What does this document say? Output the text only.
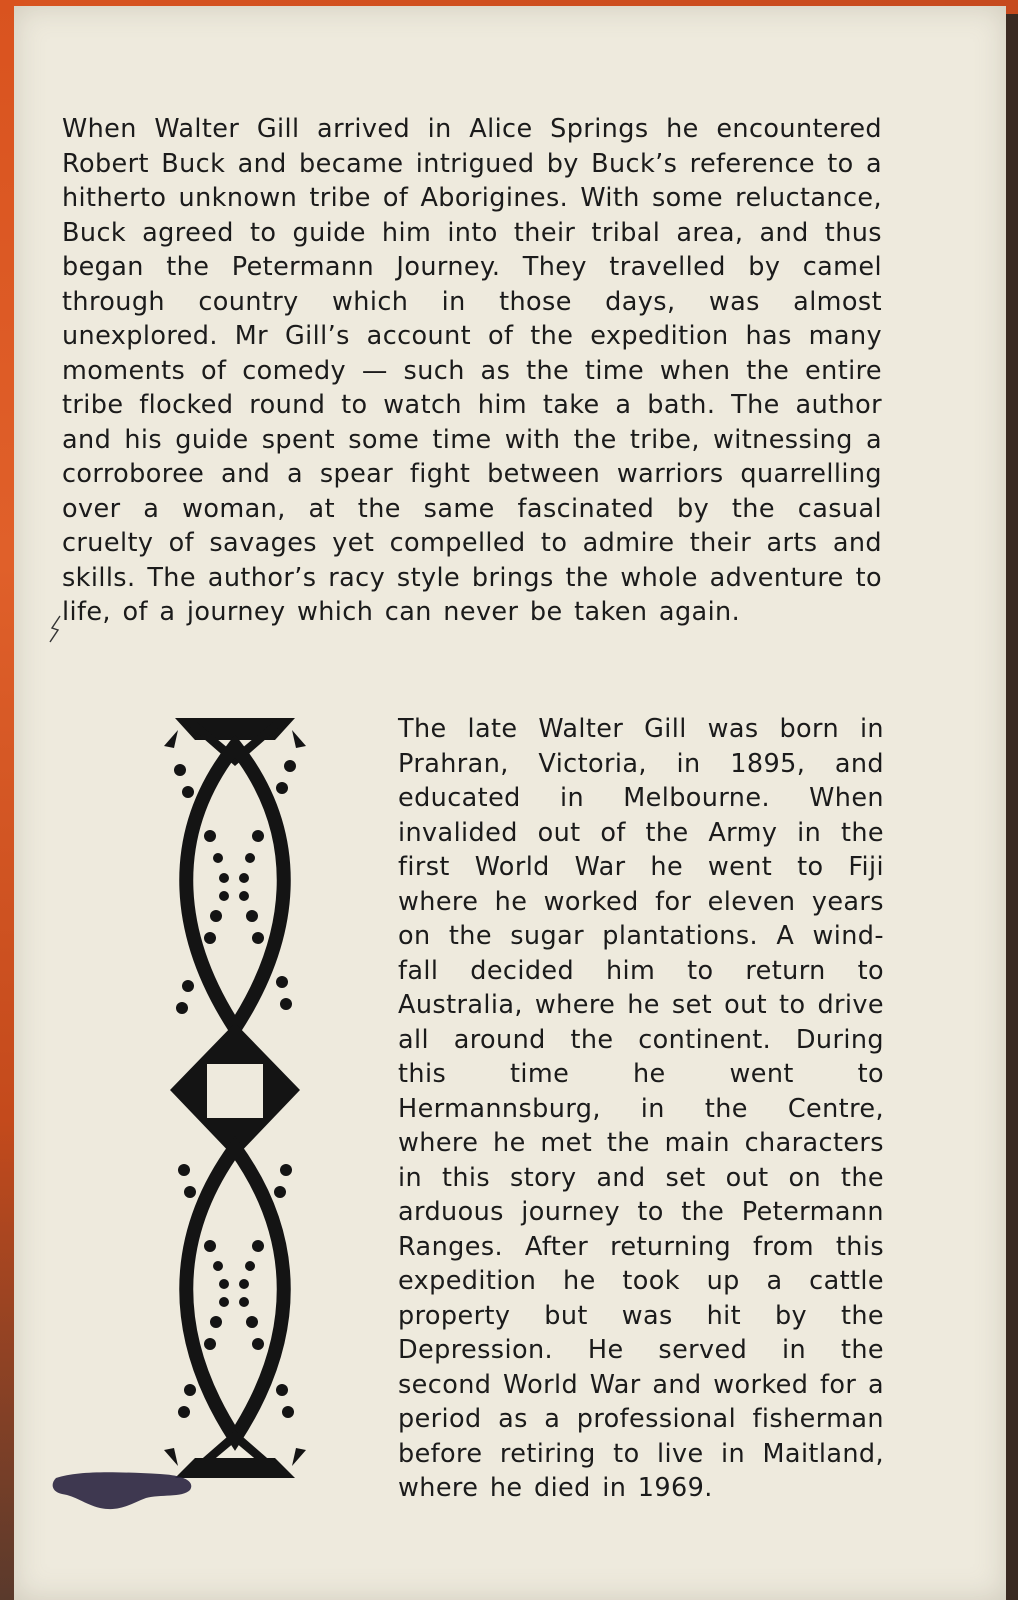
When Walter Gill arrived in Alice Springs he encountered Robert Buck and became intrigued by Buck’s reference to a hitherto unknown tribe of Aborigines. With some reluctance, Buck agreed to guide him into their tribal area, and thus began the Petermann Journey. They travelled by camel through country which in those days, was almost unexplored. Mr Gill’s account of the expedition has many moments of comedy — such as the time when the entire tribe flocked round to watch him take a bath. The author and his guide spent some time with the tribe, witnessing a corroboree and a spear fight between warriors quarrelling over a woman, at the same fascinated by the casual cruelty of savages yet compelled to admire their arts and skills. The author’s racy style brings the whole adventure to life, of a journey which can never be taken again.

The late Walter Gill was born in Prahran, Victoria, in 1895, and educated in Melbourne. When invalided out of the Army in the first World War he went to Fiji where he worked for eleven years on the sugar plantations. A wind-fall decided him to return to Australia, where he set out to drive all around the continent. During this time he went to Hermannsburg, in the Centre, where he met the main characters in this story and set out on the arduous journey to the Petermann Ranges. After returning from this expedition he took up a cattle property but was hit by the Depression. He served in the second World War and worked for a period as a professional fisherman before retiring to live in Maitland, where he died in 1969.
